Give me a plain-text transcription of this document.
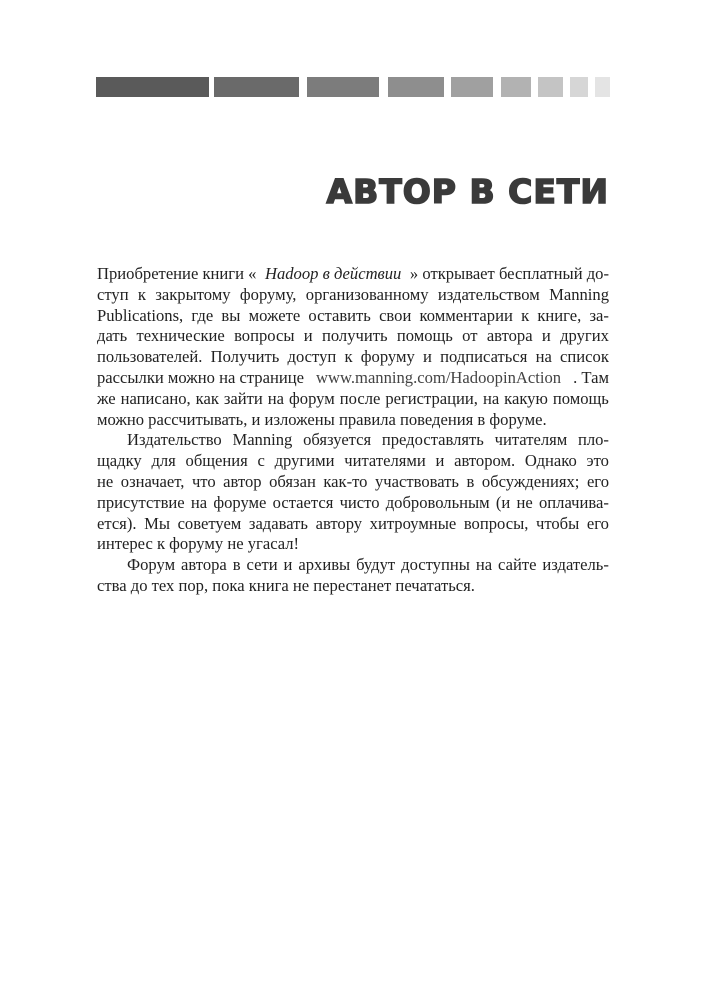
АВТОР В СЕТИ
Приобретение книги « Hadoop в действии » открывает бесплатный до-
ступ к закрытому форуму, организованному издательством Manning
Publications, где вы можете оставить свои комментарии к книге, за-
дать технические вопросы и получить помощь от автора и других
пользователей. Получить доступ к форуму и подписаться на список
рассылки можно на странице www.manning.com/HadoopinAction . Там
же написано, как зайти на форум после регистрации, на какую помощь
можно рассчитывать, и изложены правила поведения в форуме.
Издательство Manning обязуется предоставлять читателям пло-
щадку для общения с другими читателями и автором. Однако это
не означает, что автор обязан как-то участвовать в обсуждениях; его
присутствие на форуме остается чисто добровольным (и не оплачива-
ется). Мы советуем задавать автору хитроумные вопросы, чтобы его
интерес к форуму не угасал!
Форум автора в сети и архивы будут доступны на сайте издатель-
ства до тех пор, пока книга не перестанет печататься.
